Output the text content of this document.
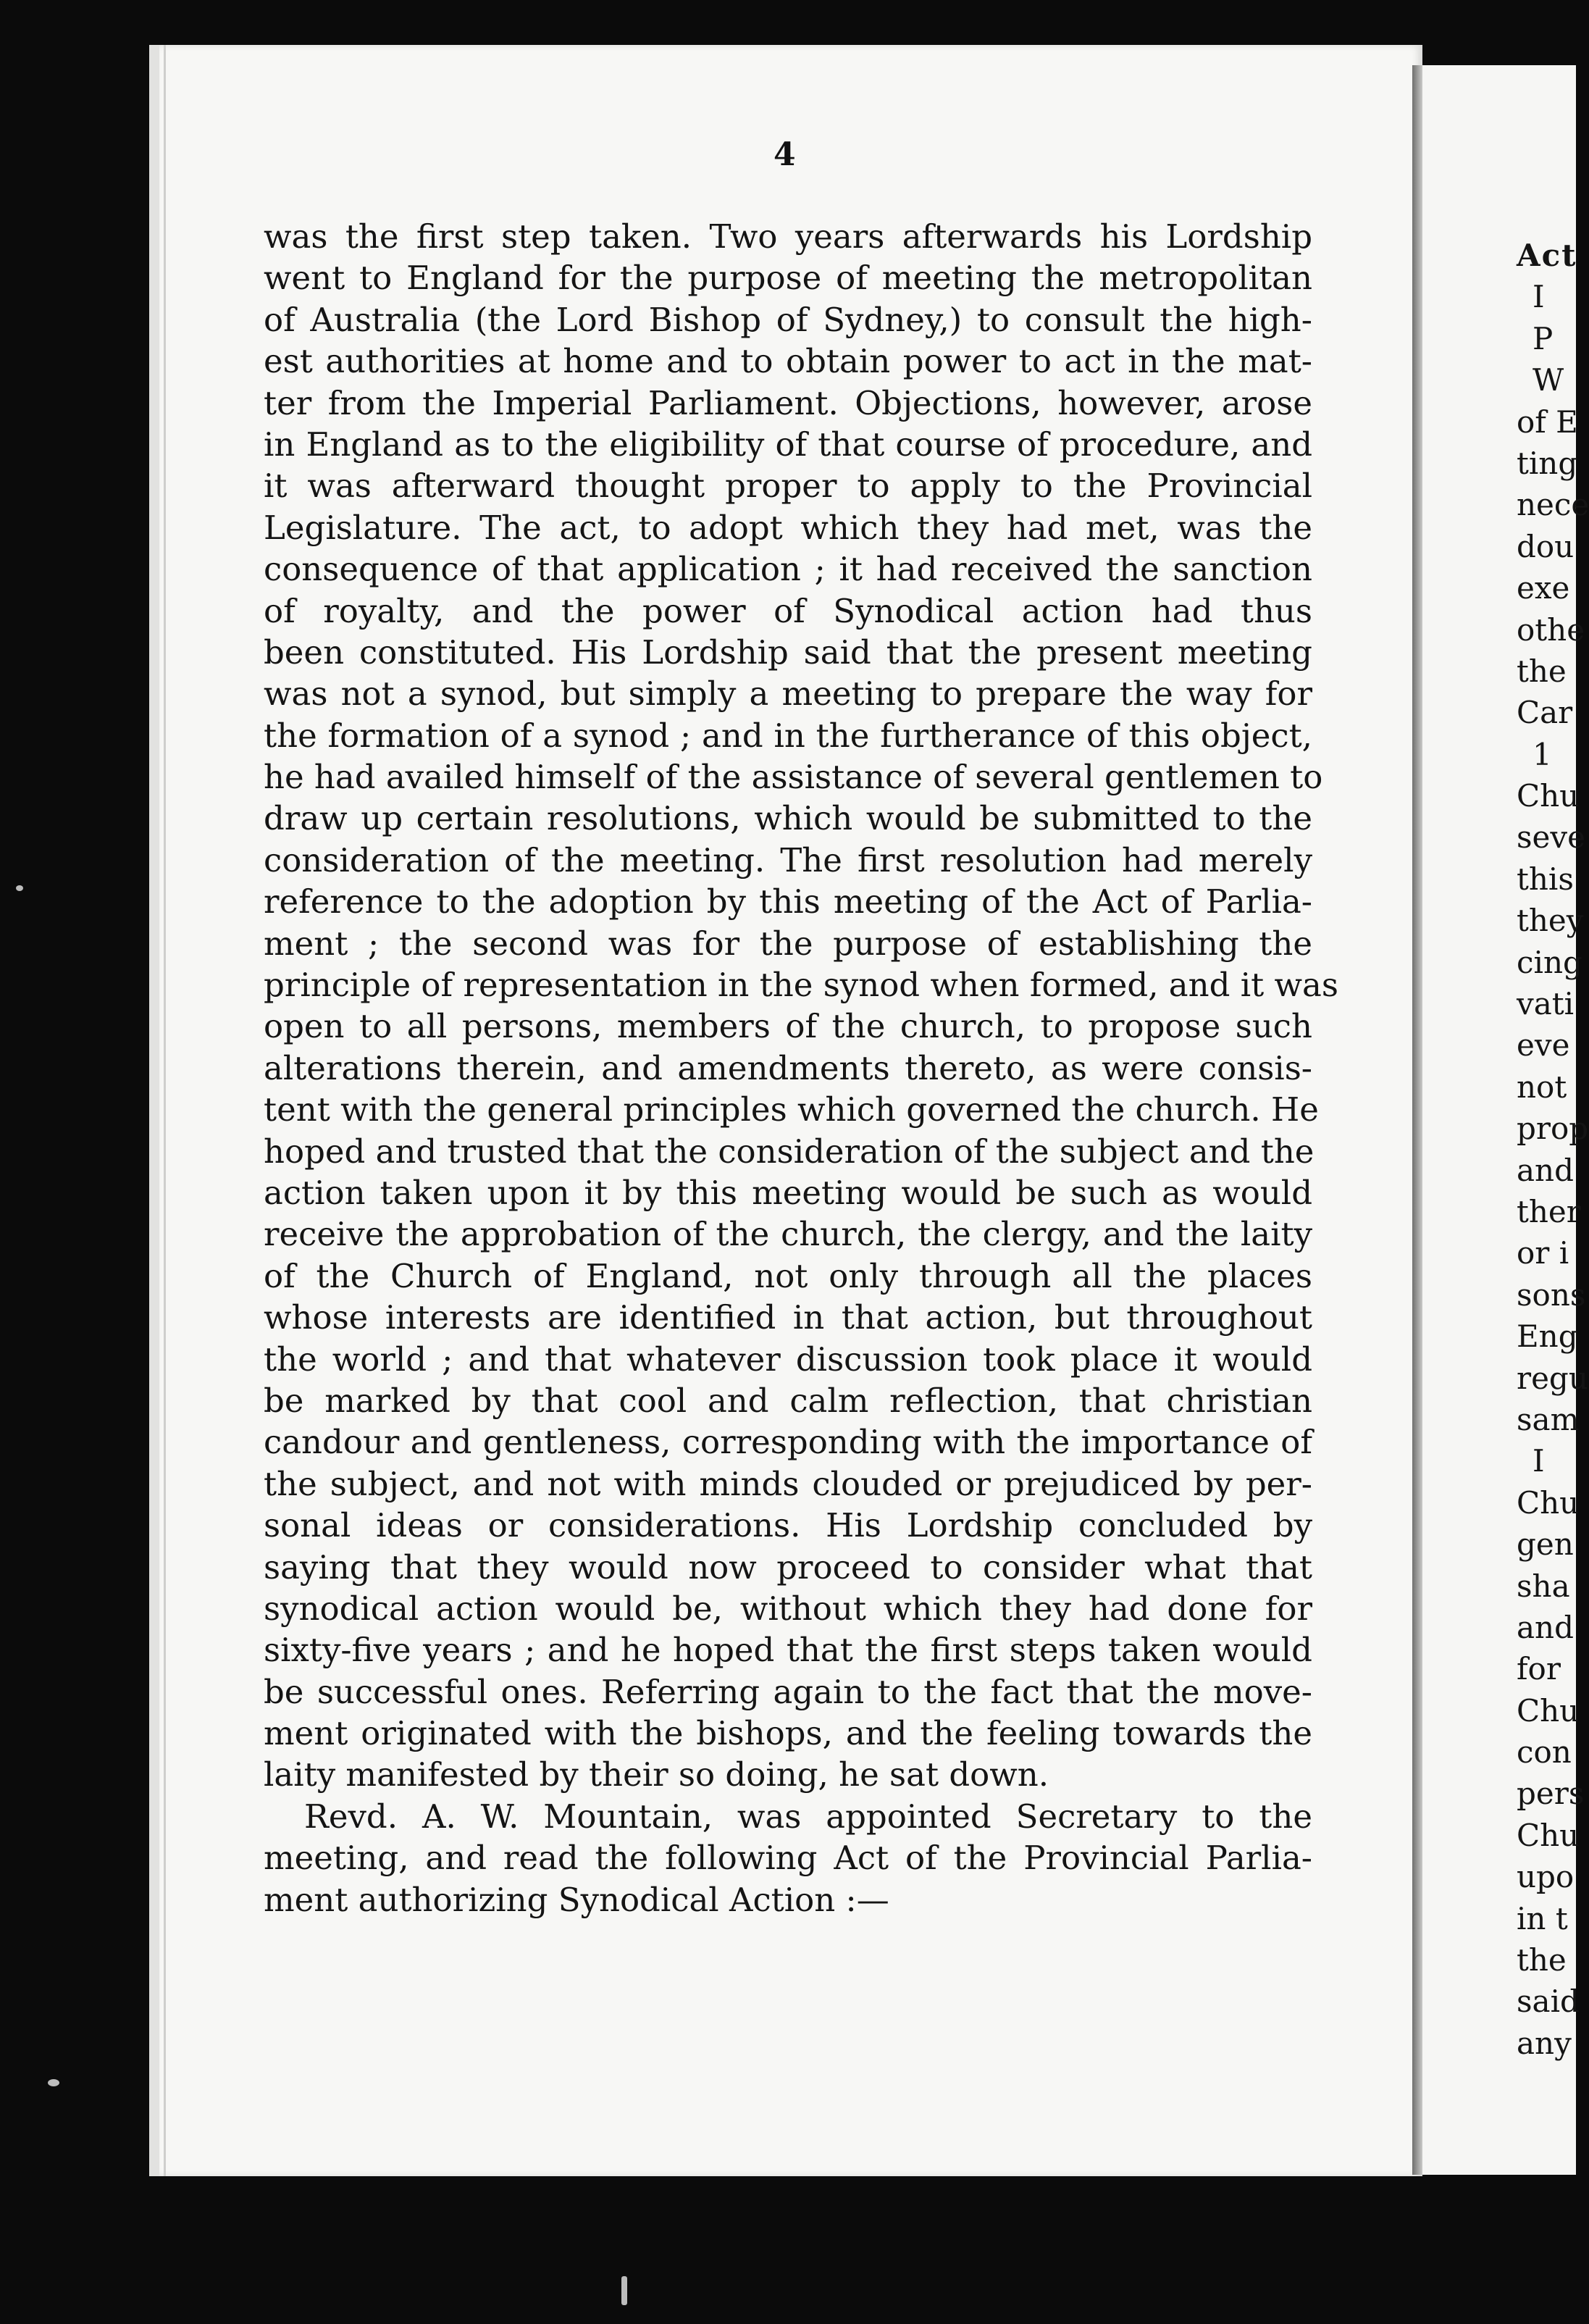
4
was the first step taken. Two years afterwards his Lordship
went to England for the purpose of meeting the metropolitan
of Australia (the Lord Bishop of Sydney,) to consult the high-
est authorities at home and to obtain power to act in the mat-
ter from the Imperial Parliament. Objections, however, arose
in England as to the eligibility of that course of procedure, and
it was afterward thought proper to apply to the Provincial
Legislature. The act, to adopt which they had met, was the
consequence of that application ; it had received the sanction
of royalty, and the power of Synodical action had thus
been constituted. His Lordship said that the present meeting
was not a synod, but simply a meeting to prepare the way for
the formation of a synod ; and in the furtherance of this object,
he had availed himself of the assistance of several gentlemen to
draw up certain resolutions, which would be submitted to the
consideration of the meeting. The first resolution had merely
reference to the adoption by this meeting of the Act of Parlia-
ment ; the second was for the purpose of establishing the
principle of representation in the synod when formed, and it was
open to all persons, members of the church, to propose such
alterations therein, and amendments thereto, as were consis-
tent with the general principles which governed the church. He
hoped and trusted that the consideration of the subject and the
action taken upon it by this meeting would be such as would
receive the approbation of the church, the clergy, and the laity
of the Church of England, not only through all the places
whose interests are identified in that action, but throughout
the world ; and that whatever discussion took place it would
be marked by that cool and calm reflection, that christian
candour and gentleness, corresponding with the importance of
the subject, and not with minds clouded or prejudiced by per-
sonal ideas or considerations. His Lordship concluded by
saying that they would now proceed to consider what that
synodical action would be, without which they had done for
sixty-five years ; and he hoped that the first steps taken would
be successful ones. Referring again to the fact that the move-
ment originated with the bishops, and the feeling towards the
laity manifested by their so doing, he sat down.
Revd. A. W. Mountain, was appointed Secretary to the
meeting, and read the following Act of the Provincial Parlia-
ment authorizing Synodical Action :—
Act
I
P
W
of E
ting
nece
dou
exe
othe
the
Car
1
Chu
seve
this
they
cing
vati
eve
not
prop
and
ther
or i
sons
Eng
regu
sam
I
Chu
gen
sha
and
for
Chu
con
pers
Chu
upo
in t
the
said
any
